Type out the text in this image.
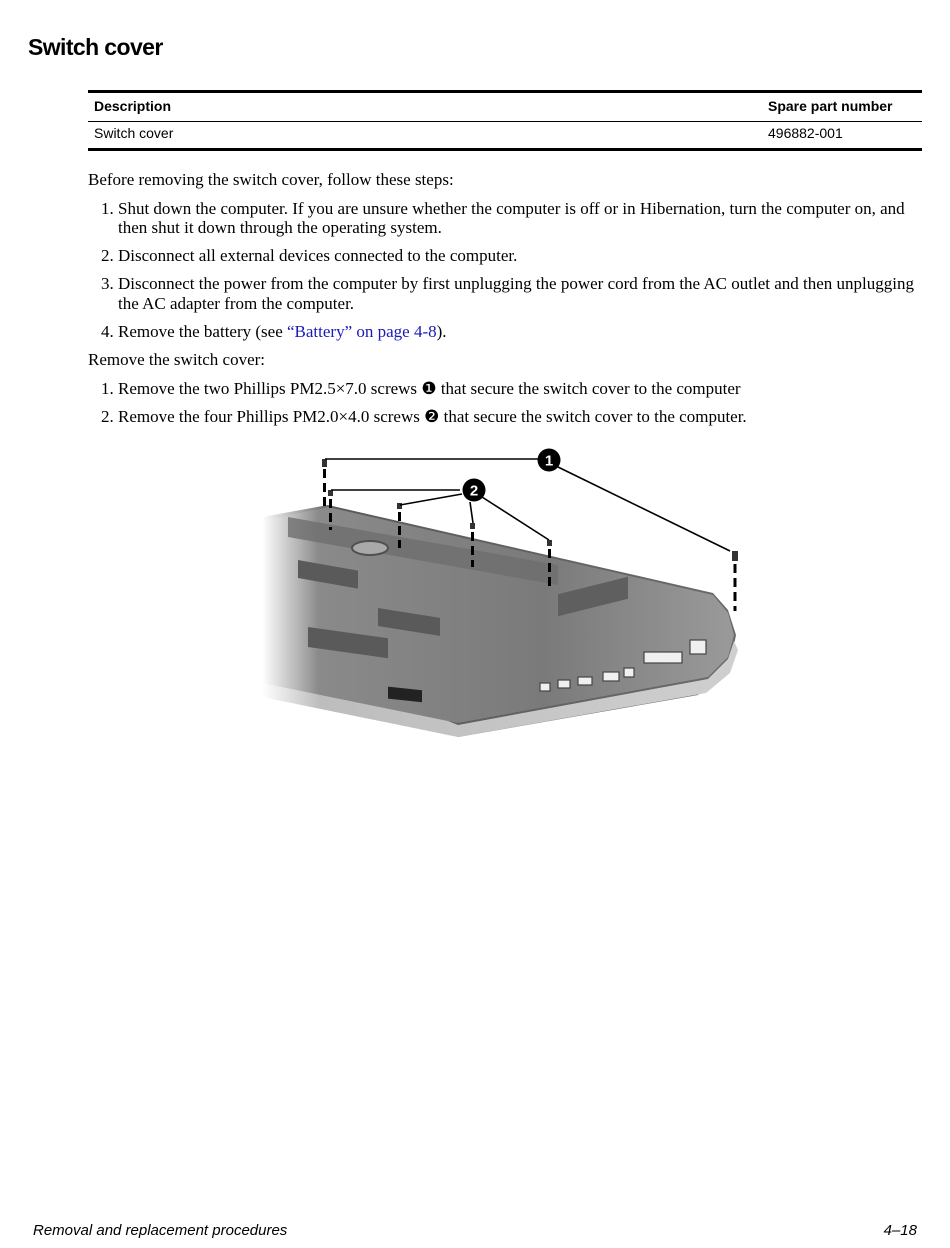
Switch cover
Description	Spare part number
Switch cover	496882-001

Before removing the switch cover, follow these steps:

1. Shut down the computer. If you are unsure whether the computer is off or in Hibernation, turn the computer on, and then shut it down through the operating system.
2. Disconnect all external devices connected to the computer.
3. Disconnect the power from the computer by first unplugging the power cord from the AC outlet and then unplugging the AC adapter from the computer.
4. Remove the battery (see “Battery” on page 4-8).

Remove the switch cover:

1. Remove the two Phillips PM2.5×7.0 screws ❶ that secure the switch cover to the computer
2. Remove the four Phillips PM2.0×4.0 screws ❷ that secure the switch cover to the computer.
1
2
Removal and replacement procedures	4–18
